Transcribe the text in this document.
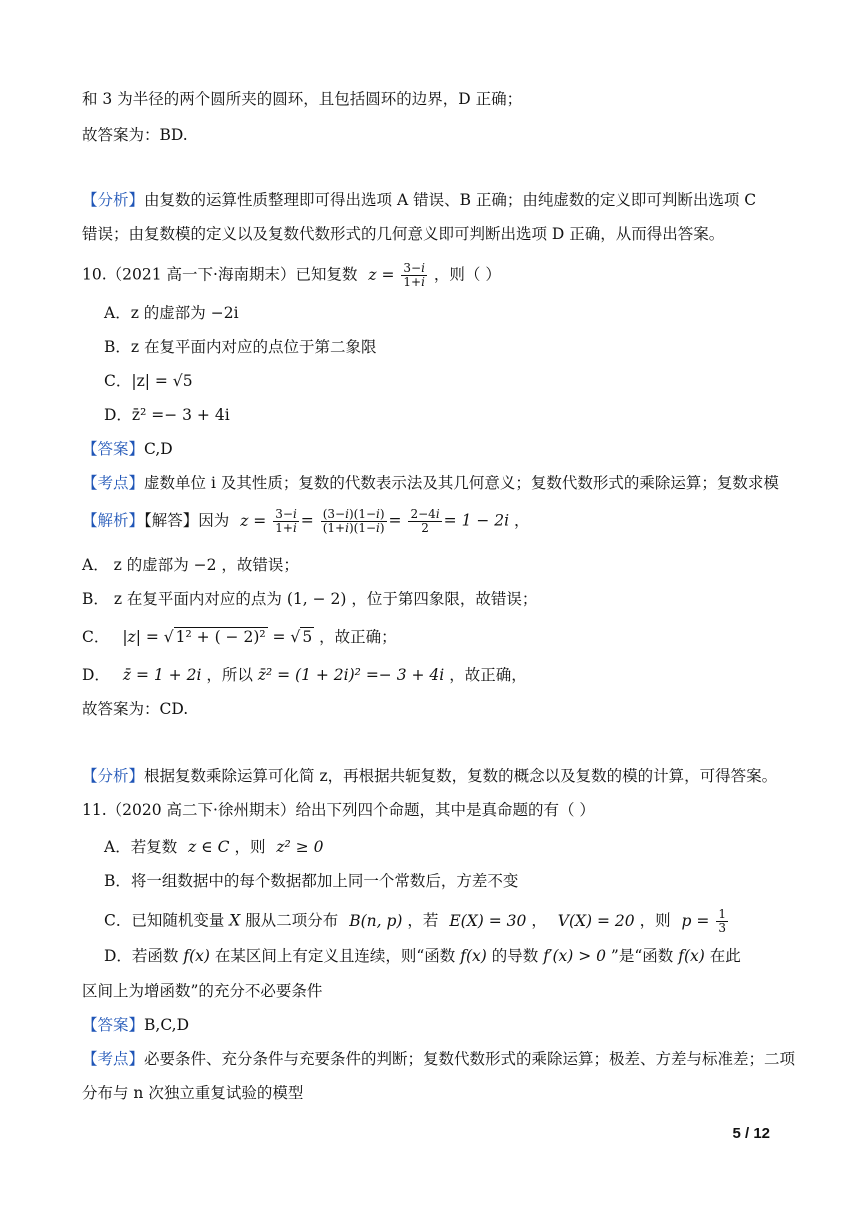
和 3 为半径的两个圆所夹的圆环，且包括圆环的边界，D 正确；
故答案为：BD.
【分析】由复数的运算性质整理即可得出选项 A 错误、B 正确；由纯虚数的定义即可判断出选项 C
错误；由复数模的定义以及复数代数形式的几何意义即可判断出选项 D 正确，从而得出答案。
10.（2021 高一下·海南期末）已知复数 $z = \frac{3-i}{1+i}$ ，则（ ）
A．z 的虚部为 −2i
B．z 在复平面内对应的点位于第二象限
C．|z| = √5
D．z̄² =− 3 + 4i
【答案】C,D
【考点】虚数单位 i 及其性质；复数的代数表示法及其几何意义；复数代数形式的乘除运算；复数求模
【解析】【解答】因为 $z = \frac{3-i}{1+i} = \frac{(3-i)(1-i)}{(1+i)(1-i)} = \frac{2-4i}{2} = 1 - 2i$ ，
A． z 的虚部为 −2 ，故错误；
B． z 在复平面内对应的点为 (1, − 2) ，位于第四象限，故错误；
C． |z| = √ 1² + ( − 2)² = √ 5 ，故正确；
D． z̄ = 1 + 2i ，所以 z̄² = (1 + 2i)² =− 3 + 4i ，故正确，
故答案为：CD.
【分析】根据复数乘除运算可化简 z，再根据共轭复数，复数的概念以及复数的模的计算，可得答案。
11.（2020 高二下·徐州期末）给出下列四个命题，其中是真命题的有（ ）
A．若复数 z ∈ C ，则 z² ≥ 0
B．将一组数据中的每个数据都加上同一个常数后，方差不变
C．已知随机变量 X 服从二项分布 B(n, p) ，若 E(X) = 30 ， V(X) = 20 ，则 $p = \frac{1}{3}$
D．若函数 f(x) 在某区间上有定义且连续，则“函数 f(x) 的导数 f′(x) > 0 ”是“函数 f(x) 在此
区间上为增函数”的充分不必要条件
【答案】B,C,D
【考点】必要条件、充分条件与充要条件的判断；复数代数形式的乘除运算；极差、方差与标准差；二项
分布与 n 次独立重复试验的模型
5 / 12
